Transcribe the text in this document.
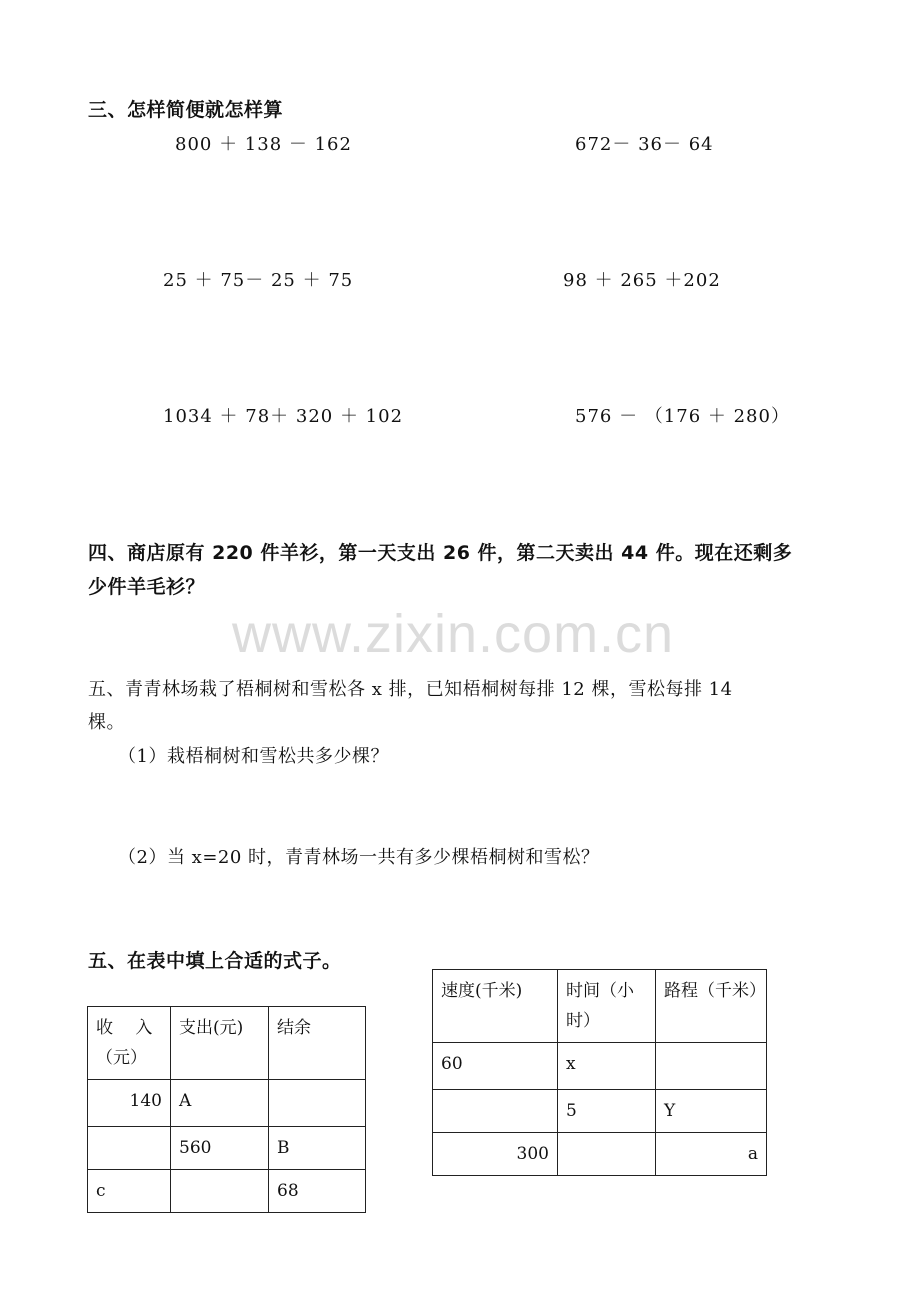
三、怎样简便就怎样算
800 ＋ 138 － 162	672－ 36－ 64
25 ＋ 75－ 25 ＋ 75	98 ＋ 265 ＋202
1034 ＋ 78＋ 320 ＋ 102	576 － （176 ＋ 280）
四、商店原有 220 件羊衫，第一天支出 26 件，第二天卖出 44 件。现在还剩多
少件羊毛衫？
www.zixin.com.cn
五、青青林场栽了梧桐树和雪松各 x 排，已知梧桐树每排 12 棵，雪松每排 14
棵。
（1）栽梧桐树和雪松共多少棵？
（2）当 x=20 时，青青林场一共有多少棵梧桐树和雪松？
五、在表中填上合适的式子。
收　 入（元）	支出(元)	结余
140	A	
	560	B
c		68
速度(千米)	时间（小时）	路程（千米）
60	x	
	5	Y
300		a
